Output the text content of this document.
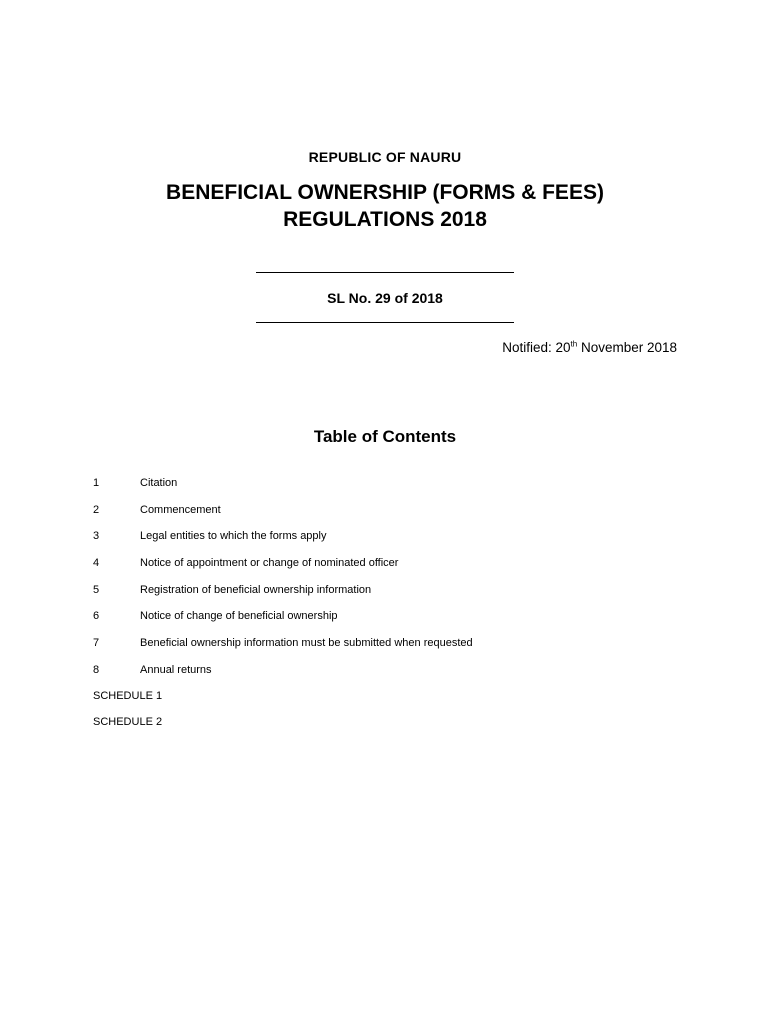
REPUBLIC OF NAURU
BENEFICIAL OWNERSHIP (FORMS & FEES)
REGULATIONS 2018
SL No. 29 of 2018
Notified: 20th November 2018
Table of Contents
1	Citation
2	Commencement
3	Legal entities to which the forms apply
4	Notice of appointment or change of nominated officer
5	Registration of beneficial ownership information
6	Notice of change of beneficial ownership
7	Beneficial ownership information must be submitted when requested
8	Annual returns
SCHEDULE 1
SCHEDULE 2
